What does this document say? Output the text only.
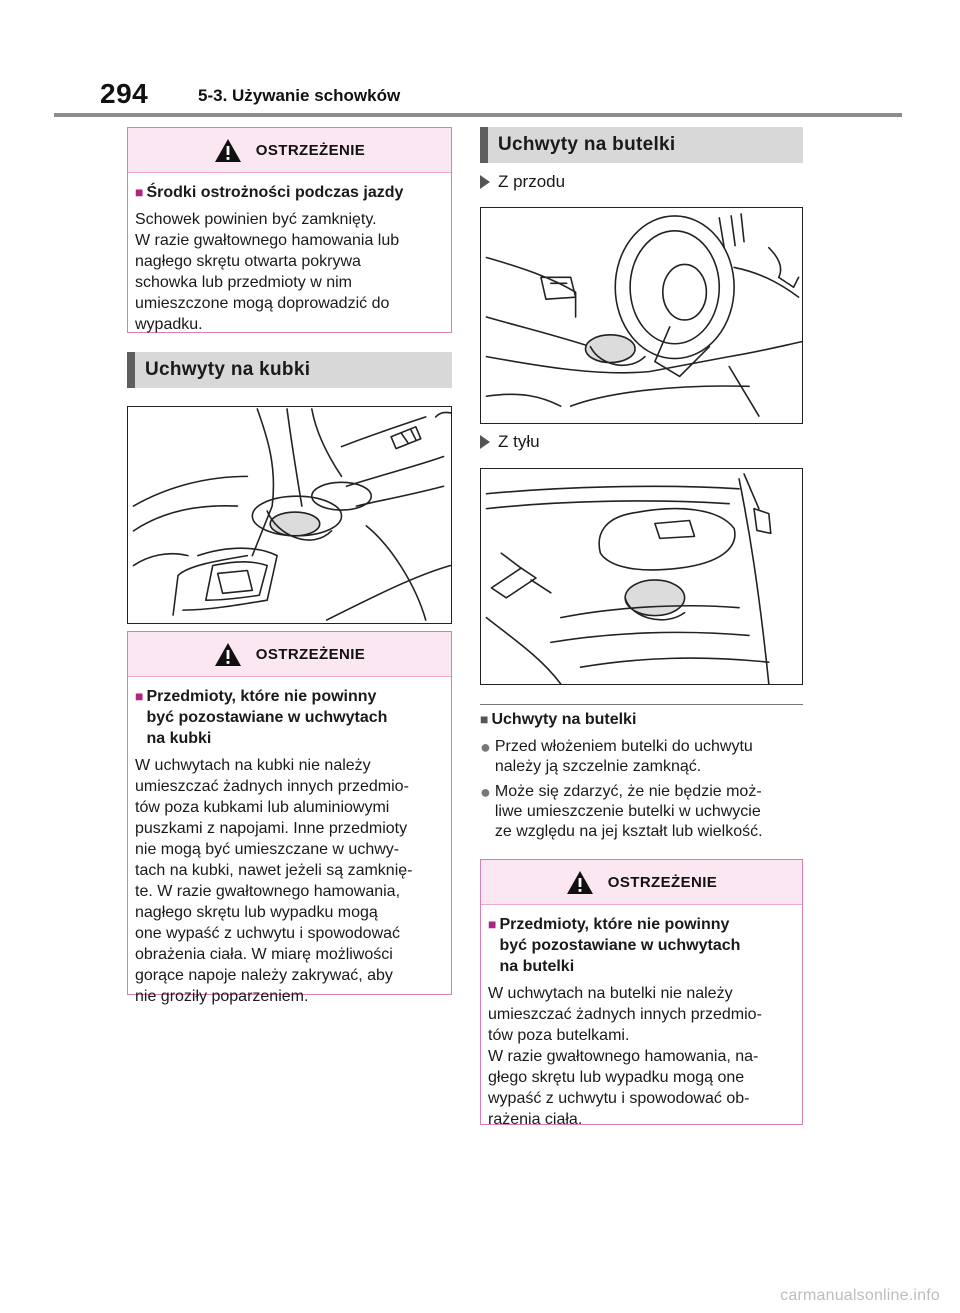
294	5-3. Używanie schowków
OSTRZEŻENIE
■ Środki ostrożności podczas jazdy
Schowek powinien być zamknięty.
W razie gwałtownego hamowania lub
nagłego skrętu otwarta pokrywa
schowka lub przedmioty w nim
umieszczone mogą doprowadzić do
wypadku.
Uchwyty na kubki
OSTRZEŻENIE
■ Przedmioty, które nie powinny
być pozostawiane w uchwytach
na kubki
W uchwytach na kubki nie należy
umieszczać żadnych innych przedmio-
tów poza kubkami lub aluminiowymi
puszkami z napojami. Inne przedmioty
nie mogą być umieszczane w uchwy-
tach na kubki, nawet jeżeli są zamknię-
te. W razie gwałtownego hamowania,
nagłego skrętu lub wypadku mogą
one wypaść z uchwytu i spowodować
obrażenia ciała. W miarę możliwości
gorące napoje należy zakrywać, aby
nie groziły poparzeniem.
Uchwyty na butelki
Z przodu
Z tyłu
■ Uchwyty na butelki
● Przed włożeniem butelki do uchwytu
należy ją szczelnie zamknąć.
● Może się zdarzyć, że nie będzie moż-
liwe umieszczenie butelki w uchwycie
ze względu na jej kształt lub wielkość.
OSTRZEŻENIE
■ Przedmioty, które nie powinny
być pozostawiane w uchwytach
na butelki
W uchwytach na butelki nie należy
umieszczać żadnych innych przedmio-
tów poza butelkami.
W razie gwałtownego hamowania, na-
głego skrętu lub wypadku mogą one
wypaść z uchwytu i spowodować ob-
rażenia ciała.
carmanualsonline.info
